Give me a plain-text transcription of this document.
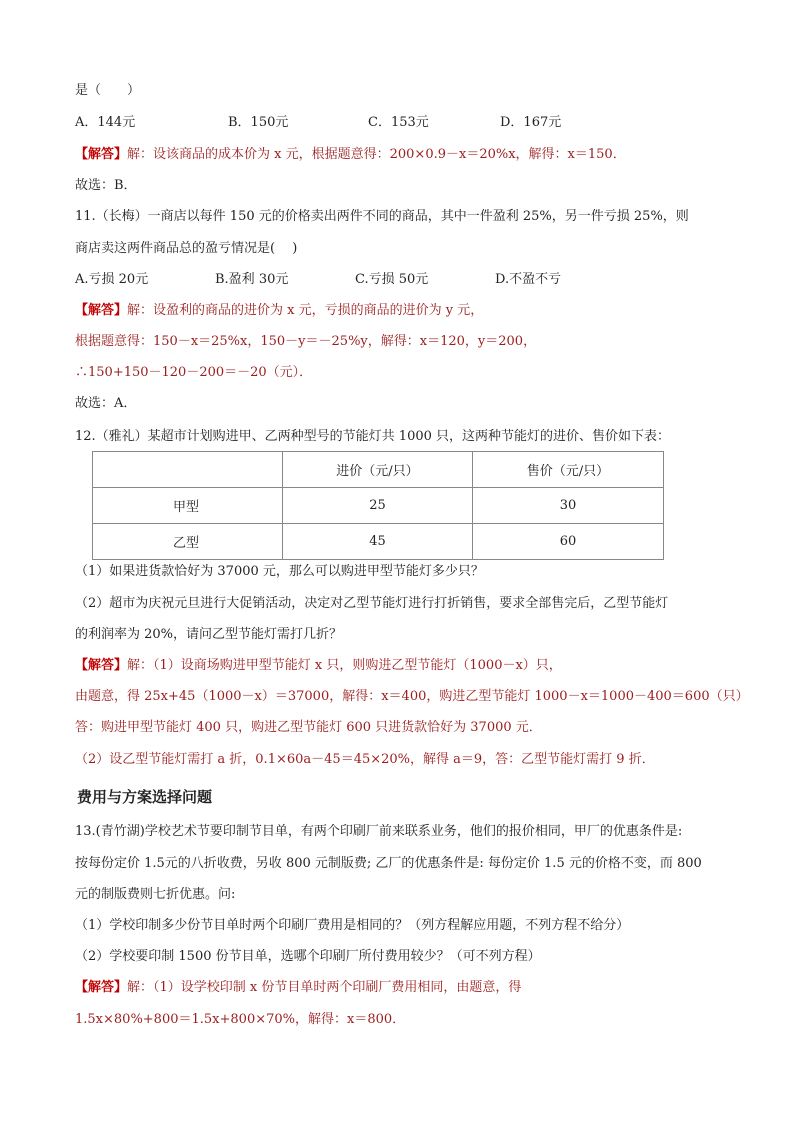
是（　　）
A．144元	B．150元	C．153元	D．167元
【解答】解：设该商品的成本价为 x 元，根据题意得：200×0.9－x＝20%x，解得：x＝150．
故选：B．
11.（长梅）一商店以每件 150 元的价格卖出两件不同的商品，其中一件盈利 25%，另一件亏损 25%，则
商店卖这两件商品总的盈亏情况是(　 )
A.亏损 20元	B.盈利 30元	C.亏损 50元	D.不盈不亏
【解答】解：设盈利的商品的进价为 x 元，亏损的商品的进价为 y 元，
根据题意得：150－x＝25%x，150－y＝－25%y，解得：x＝120，y＝200，
∴150+150－120－200＝－20（元）．
故选：A．
12.（雅礼）某超市计划购进甲、乙两种型号的节能灯共 1000 只，这两种节能灯的进价、售价如下表：
	进价（元/只）	售价（元/只）
甲型	25	30
乙型	45	60
（1）如果进货款恰好为 37000 元，那么可以购进甲型节能灯多少只？
（2）超市为庆祝元旦进行大促销活动，决定对乙型节能灯进行打折销售，要求全部售完后，乙型节能灯
的利润率为 20%，请问乙型节能灯需打几折？
【解答】解：（1）设商场购进甲型节能灯 x 只，则购进乙型节能灯（1000－x）只，
由题意，得 25x+45（1000－x）＝37000，解得：x＝400，购进乙型节能灯 1000－x＝1000－400＝600（只）
答：购进甲型节能灯 400 只，购进乙型节能灯 600 只进货款恰好为 37000 元．
（2）设乙型节能灯需打 a 折，0.1×60a－45＝45×20%，解得 a＝9，答：乙型节能灯需打 9 折．
费用与方案选择问题
13.(青竹湖)学校艺术节要印制节目单，有两个印刷厂前来联系业务，他们的报价相同，甲厂的优惠条件是:
按每份定价 1.5元的八折收费，另收 800 元制版费; 乙厂的优惠条件是: 每份定价 1.5 元的价格不变，而 800
元的制版费则七折优惠。问:
（1）学校印制多少份节目单时两个印刷厂费用是相同的？（列方程解应用题，不列方程不给分）
（2）学校要印制 1500 份节目单，选哪个印刷厂所付费用较少？（可不列方程）
【解答】解：（1）设学校印制 x 份节目单时两个印刷厂费用相同，由题意，得
1.5x×80%+800＝1.5x+800×70%，解得：x＝800．
